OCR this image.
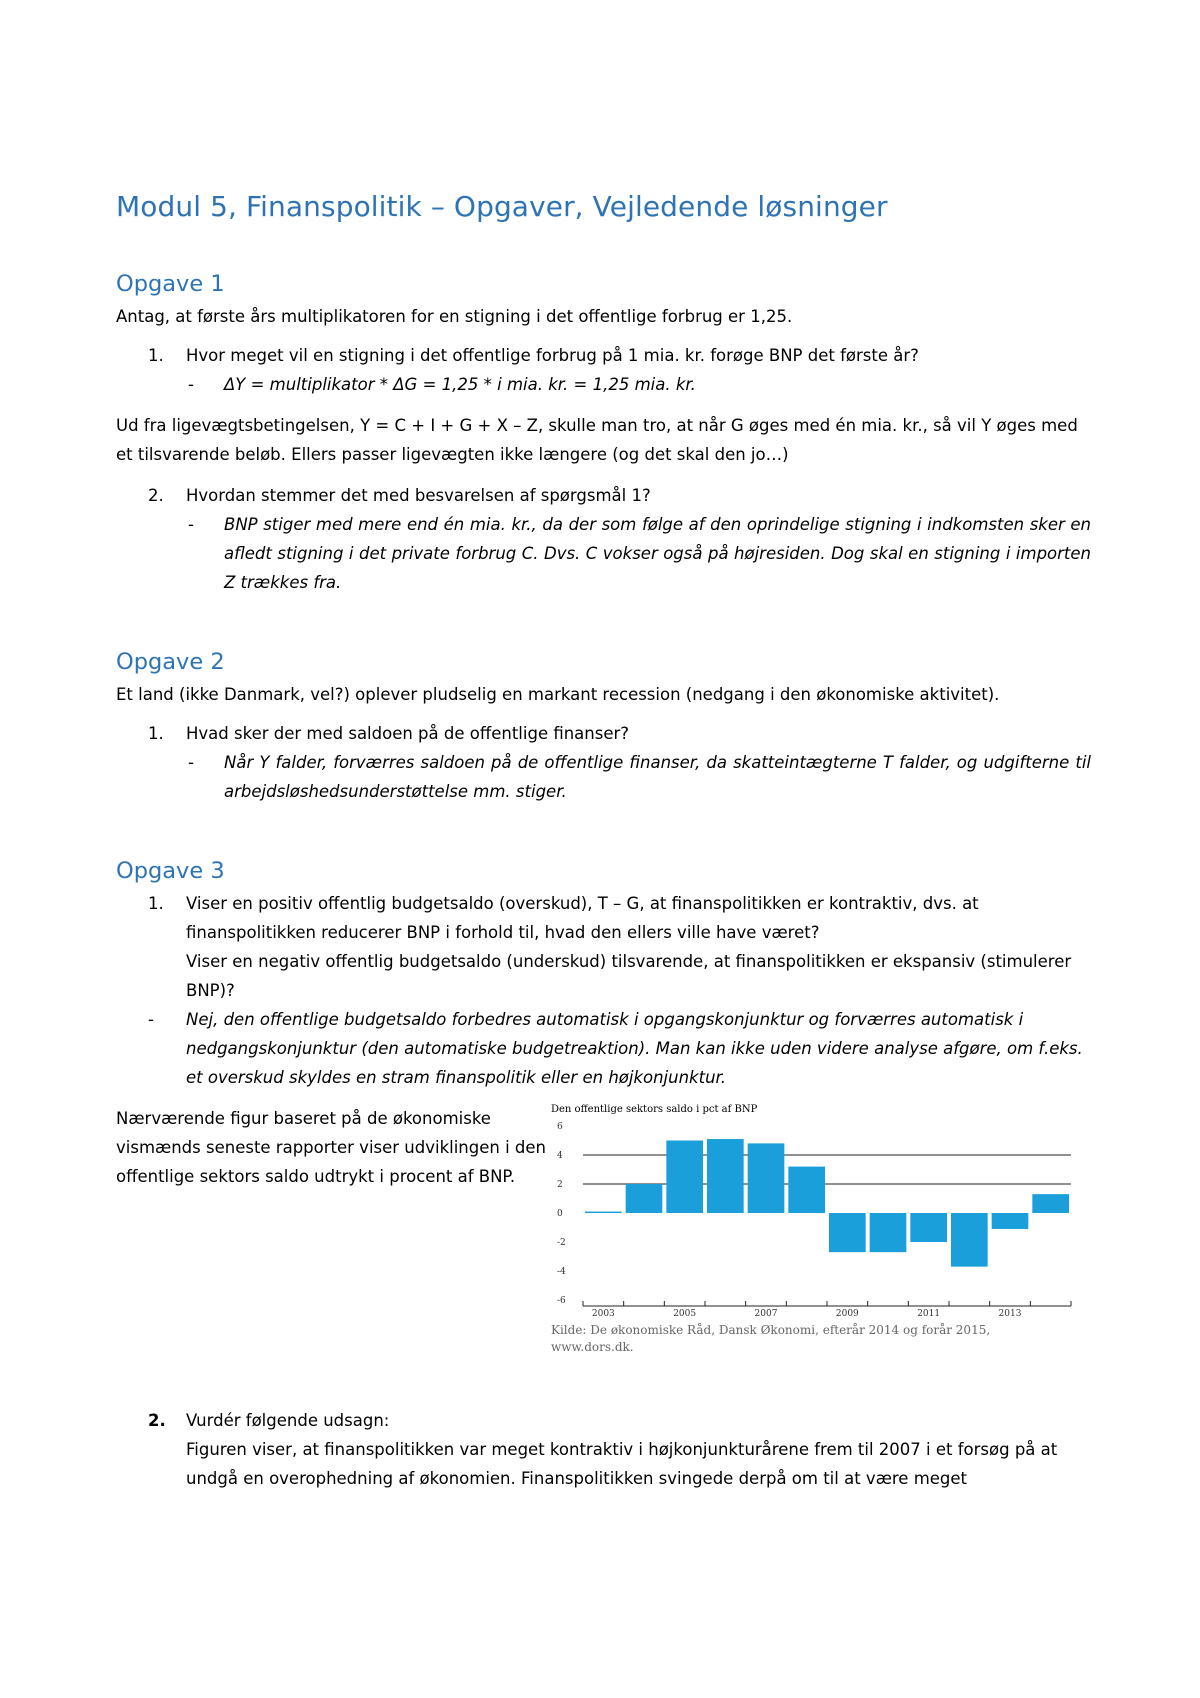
Modul 5, Finanspolitik – Opgaver, Vejledende løsninger
Opgave 1

Antag, at første års multiplikatoren for en stigning i det offentlige forbrug er 1,25.

1.	Hvor meget vil en stigning i det offentlige forbrug på 1 mia. kr. forøge BNP det første år?
-	ΔY = multiplikator * ΔG = 1,25 * i mia. kr. = 1,25 mia. kr.

Ud fra ligevægtsbetingelsen, Y = C + I + G + X – Z, skulle man tro, at når G øges med én mia. kr., så vil Y øges med et tilsvarende beløb. Ellers passer ligevægten ikke længere (og det skal den jo…)

2.	Hvordan stemmer det med besvarelsen af spørgsmål 1?
-	BNP stiger med mere end én mia. kr., da der som følge af den oprindelige stigning i indkomsten sker en afledt stigning i det private forbrug C. Dvs. C vokser også på højresiden. Dog skal en stigning i importen Z trækkes fra.
Opgave 2

Et land (ikke Danmark, vel?) oplever pludselig en markant recession (nedgang i den økonomiske aktivitet).

1.	Hvad sker der med saldoen på de offentlige finanser?
-	Når Y falder, forværres saldoen på de offentlige finanser, da skatteintægterne T falder, og udgifterne til arbejdsløshedsunderstøttelse mm. stiger.
Opgave 3
1.	Viser en positiv offentlig budgetsaldo (overskud), T – G, at finanspolitikken er kontraktiv, dvs. at finanspolitikken reducerer BNP i forhold til, hvad den ellers ville have været?
Viser en negativ offentlig budgetsaldo (underskud) tilsvarende, at finanspolitikken er ekspansiv (stimulerer BNP)?
-	Nej, den offentlige budgetsaldo forbedres automatisk i opgangskonjunktur og forværres automatisk i nedgangskonjunktur (den automatiske budgetreaktion). Man kan ikke uden videre analyse afgøre, om f.eks. et overskud skyldes en stram finanspolitik eller en højkonjunktur.
Nærværende figur baseret på de økonomiske vismænds seneste rapporter viser udviklingen i den offentlige sektors saldo udtrykt i procent af BNP.
Den offentlige sektors saldo i pct af BNP
6
4
2
0
-2
-4
-6
2003	2005	2007	2009	2011	2013
Kilde: De økonomiske Råd, Dansk Økonomi, efterår 2014 og forår 2015, www.dors.dk.
2.	Vurdér følgende udsagn:
Figuren viser, at finanspolitikken var meget kontraktiv i højkonjunkturårene frem til 2007 i et forsøg på at undgå en overophedning af økonomien. Finanspolitikken svingede derpå om til at være meget
